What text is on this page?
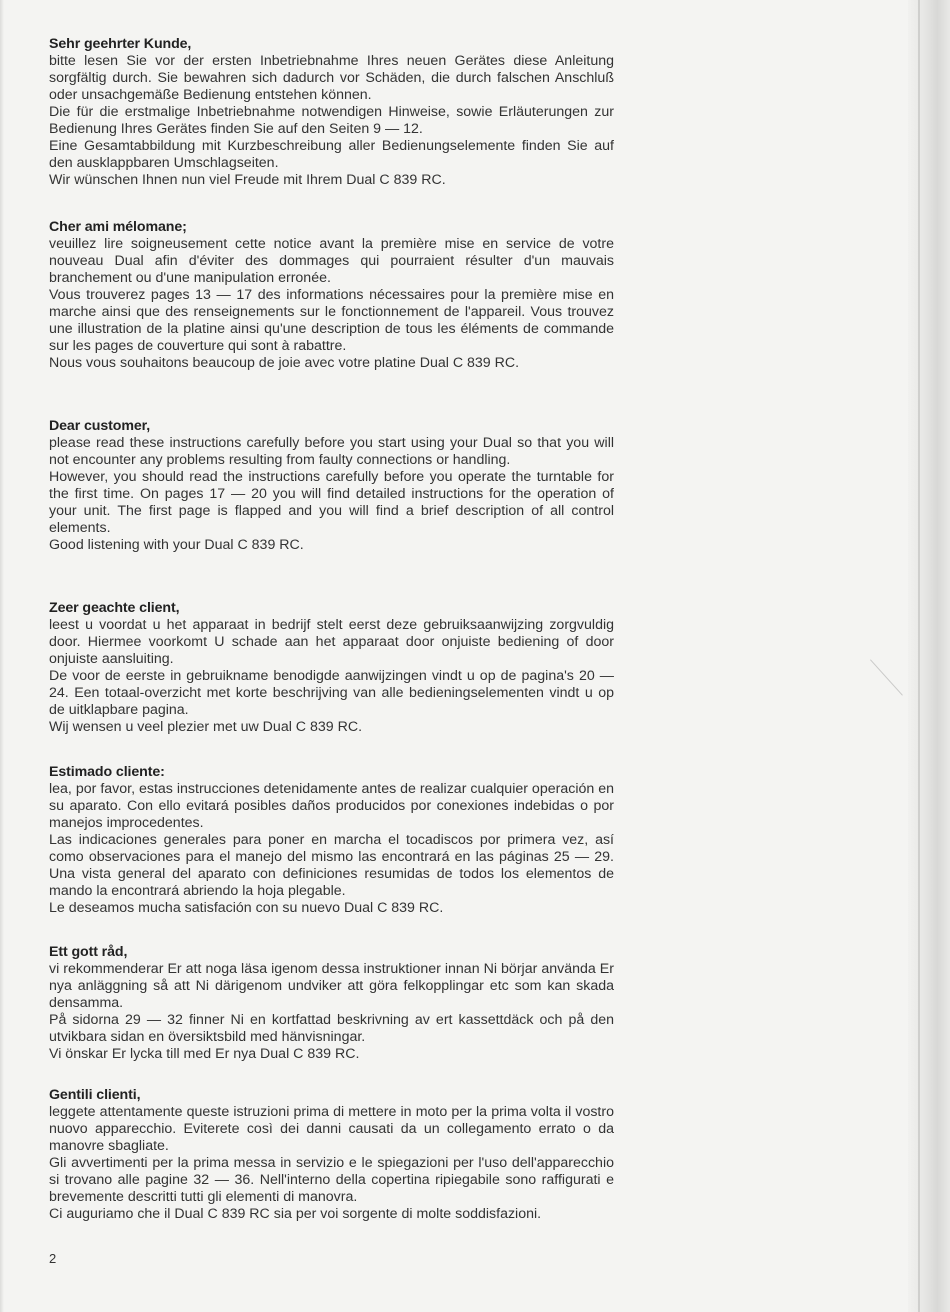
Sehr geehrter Kunde,
bitte lesen Sie vor der ersten Inbetriebnahme Ihres neuen Gerätes diese Anleitung sorgfältig durch. Sie bewahren sich dadurch vor Schäden, die durch falschen Anschluß oder unsachgemäße Bedienung entstehen können.
Die für die erstmalige Inbetriebnahme notwendigen Hinweise, sowie Erläuterungen zur Bedienung Ihres Gerätes finden Sie auf den Seiten 9 — 12.
Eine Gesamtabbildung mit Kurzbeschreibung aller Bedienungselemente finden Sie auf den ausklappbaren Umschlagseiten.
Wir wünschen Ihnen nun viel Freude mit Ihrem Dual C 839 RC.
Cher ami mélomane;
veuillez lire soigneusement cette notice avant la première mise en service de votre nouveau Dual afin d'éviter des dommages qui pourraient résulter d'un mauvais branchement ou d'une manipulation erronée.
Vous trouverez pages 13 — 17 des informations nécessaires pour la première mise en marche ainsi que des renseignements sur le fonctionnement de l'appareil. Vous trouvez une illustration de la platine ainsi qu'une description de tous les éléments de commande sur les pages de couverture qui sont à rabattre.
Nous vous souhaitons beaucoup de joie avec votre platine Dual C 839 RC.
Dear customer,
please read these instructions carefully before you start using your Dual so that you will not encounter any problems resulting from faulty connections or handling.
However, you should read the instructions carefully before you operate the turntable for the first time. On pages 17 — 20 you will find detailed instructions for the operation of your unit. The first page is flapped and you will find a brief description of all control elements.
Good listening with your Dual C 839 RC.
Zeer geachte client,
leest u voordat u het apparaat in bedrijf stelt eerst deze gebruiksaanwijzing zorgvuldig door. Hiermee voorkomt U schade aan het apparaat door onjuiste bediening of door onjuiste aansluiting.
De voor de eerste in gebruikname benodigde aanwijzingen vindt u op de pagina's 20 — 24. Een totaal-overzicht met korte beschrijving van alle bedieningselementen vindt u op de uitklapbare pagina.
Wij wensen u veel plezier met uw Dual C 839 RC.
Estimado cliente:
lea, por favor, estas instrucciones detenidamente antes de realizar cualquier operación en su aparato. Con ello evitará posibles daños producidos por conexiones indebidas o por manejos improcedentes.
Las indicaciones generales para poner en marcha el tocadiscos por primera vez, así como observaciones para el manejo del mismo las encontrará en las páginas 25 — 29. Una vista general del aparato con definiciones resumidas de todos los elementos de mando la encontrará abriendo la hoja plegable.
Le deseamos mucha satisfación con su nuevo Dual C 839 RC.
Ett gott råd,
vi rekommenderar Er att noga läsa igenom dessa instruktioner innan Ni börjar använda Er nya anläggning så att Ni därigenom undviker att göra felkopplingar etc som kan skada densamma.
På sidorna 29 — 32 finner Ni en kortfattad beskrivning av ert kassettdäck och på den utvikbara sidan en översiktsbild med hänvisningar.
Vi önskar Er lycka till med Er nya Dual C 839 RC.
Gentili clienti,
leggete attentamente queste istruzioni prima di mettere in moto per la prima volta il vostro nuovo apparecchio. Eviterete così dei danni causati da un collegamento errato o da manovre sbagliate.
Gli avvertimenti per la prima messa in servizio e le spiegazioni per l'uso dell'apparecchio si trovano alle pagine 32 — 36. Nell'interno della copertina ripiegabile sono raffigurati e brevemente descritti tutti gli elementi di manovra.
Ci auguriamo che il Dual C 839 RC sia per voi sorgente di molte soddisfazioni.
2
